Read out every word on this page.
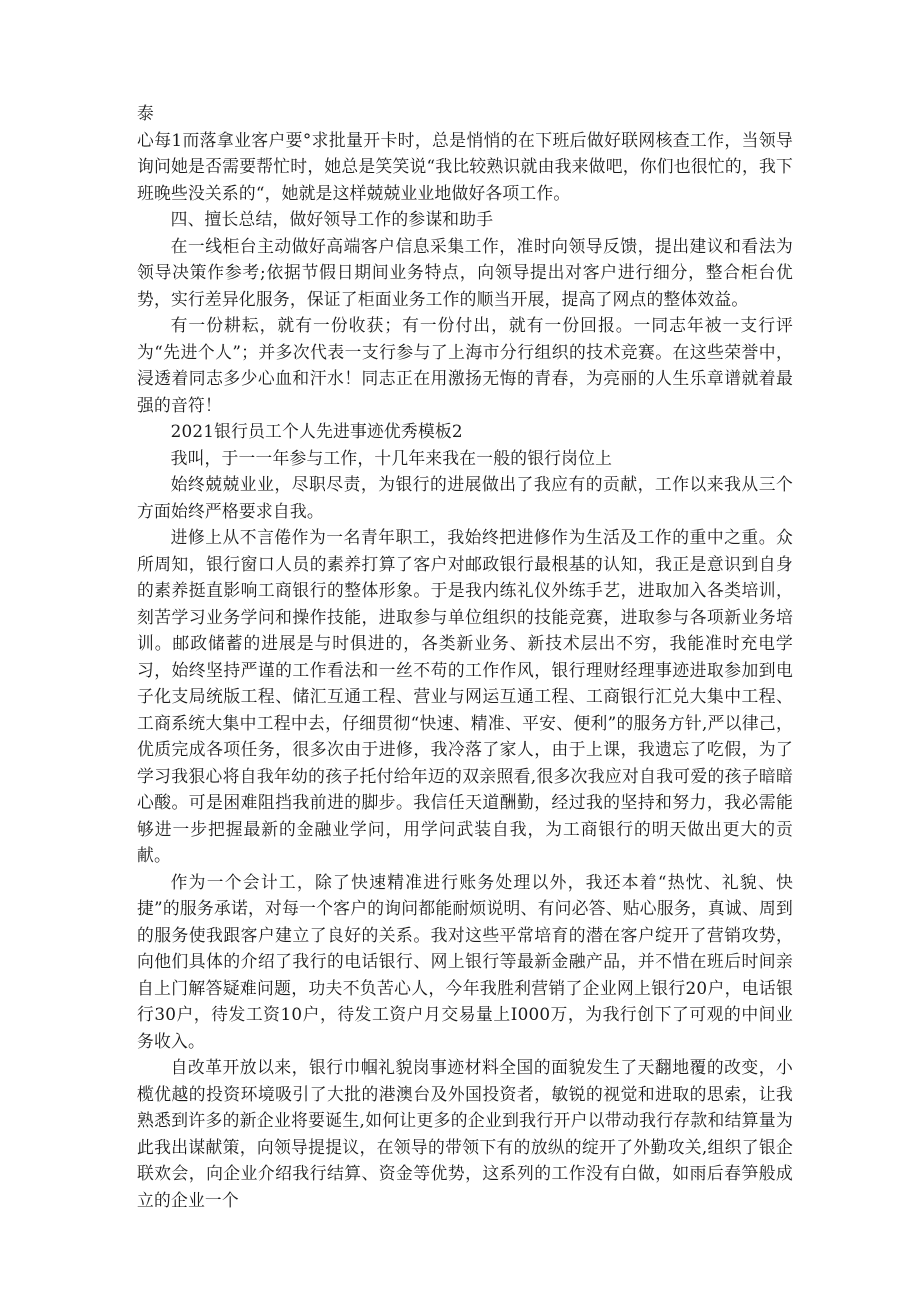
泰

心每1而落拿业客户要°求批量开卡时，总是悄悄的在下班后做好联网核查工作，当领导询问她是否需要帮忙时，她总是笑笑说“我比较熟识就由我来做吧，你们也很忙的，我下班晚些没关系的“，她就是这样兢兢业业地做好各项工作。

四、擅长总结，做好领导工作的参谋和助手

在一线柜台主动做好高端客户信息采集工作，准时向领导反馈，提出建议和看法为领导决策作参考;依据节假日期间业务特点，向领导提出对客户进行细分，整合柜台优势，实行差异化服务，保证了柜面业务工作的顺当开展，提高了网点的整体效益。

有一份耕耘，就有一份收获；有一份付出，就有一份回报。一同志年被一支行评为“先进个人”；并多次代表一支行参与了上海市分行组织的技术竞赛。在这些荣誉中，浸透着同志多少心血和汗水！同志正在用激扬无悔的青春，为亮丽的人生乐章谱就着最强的音符！

2021银行员工个人先进事迹优秀模板2

我叫，于一一年参与工作，十几年来我在一般的银行岗位上

始终兢兢业业，尽职尽责，为银行的进展做出了我应有的贡献，工作以来我从三个方面始终严格要求自我。

进修上从不言倦作为一名青年职工，我始终把进修作为生活及工作的重中之重。众所周知，银行窗口人员的素养打算了客户对邮政银行最根基的认知，我正是意识到自身的素养挺直影响工商银行的整体形象。于是我内练礼仪外练手艺，进取加入各类培训，刻苦学习业务学问和操作技能，进取参与单位组织的技能竞赛，进取参与各项新业务培训。邮政储蓄的进展是与时俱进的，各类新业务、新技术层出不穷，我能准时充电学习，始终坚持严谨的工作看法和一丝不苟的工作作风，银行理财经理事迹进取参加到电子化支局统版工程、储汇互通工程、营业与网运互通工程、工商银行汇兑大集中工程、工商系统大集中工程中去，仔细贯彻“快速、精准、平安、便利”的服务方针,严以律己，优质完成各项任务，很多次由于进修，我冷落了家人，由于上课，我遗忘了吃假，为了学习我狠心将自我年幼的孩子托付给年迈的双亲照看,很多次我应对自我可爱的孩子暗暗心酸。可是困难阻挡我前进的脚步。我信任天道酬勤，经过我的坚持和努力，我必需能够进一步把握最新的金融业学问，用学问武装自我，为工商银行的明天做出更大的贡献。

作为一个会计工，除了快速精准进行账务处理以外，我还本着“热忱、礼貌、快捷”的服务承诺，对每一个客户的询问都能耐烦说明、有问必答、贴心服务，真诚、周到的服务使我跟客户建立了良好的关系。我对这些平常培育的潜在客户绽开了营销攻势，向他们具体的介绍了我行的电话银行、网上银行等最新金融产品，并不惜在班后时间亲自上门解答疑难问题，功夫不负苦心人，今年我胜利营销了企业网上银行20户，电话银行30户，待发工资10户，待发工资户月交易量上I000万，为我行创下了可观的中间业务收入。

自改革开放以来，银行巾帼礼貌岗事迹材料全国的面貌发生了天翻地覆的改变，小榄优越的投资环境吸引了大批的港澳台及外国投资者，敏锐的视觉和进取的思索，让我熟悉到许多的新企业将要诞生,如何让更多的企业到我行开户以带动我行存款和结算量为此我出谋献策，向领导提提议，在领导的带领下有的放纵的绽开了外勤攻关,组织了银企联欢会，向企业介绍我行结算、资金等优势，这系列的工作没有白做，如雨后春笋般成立的企业一个
